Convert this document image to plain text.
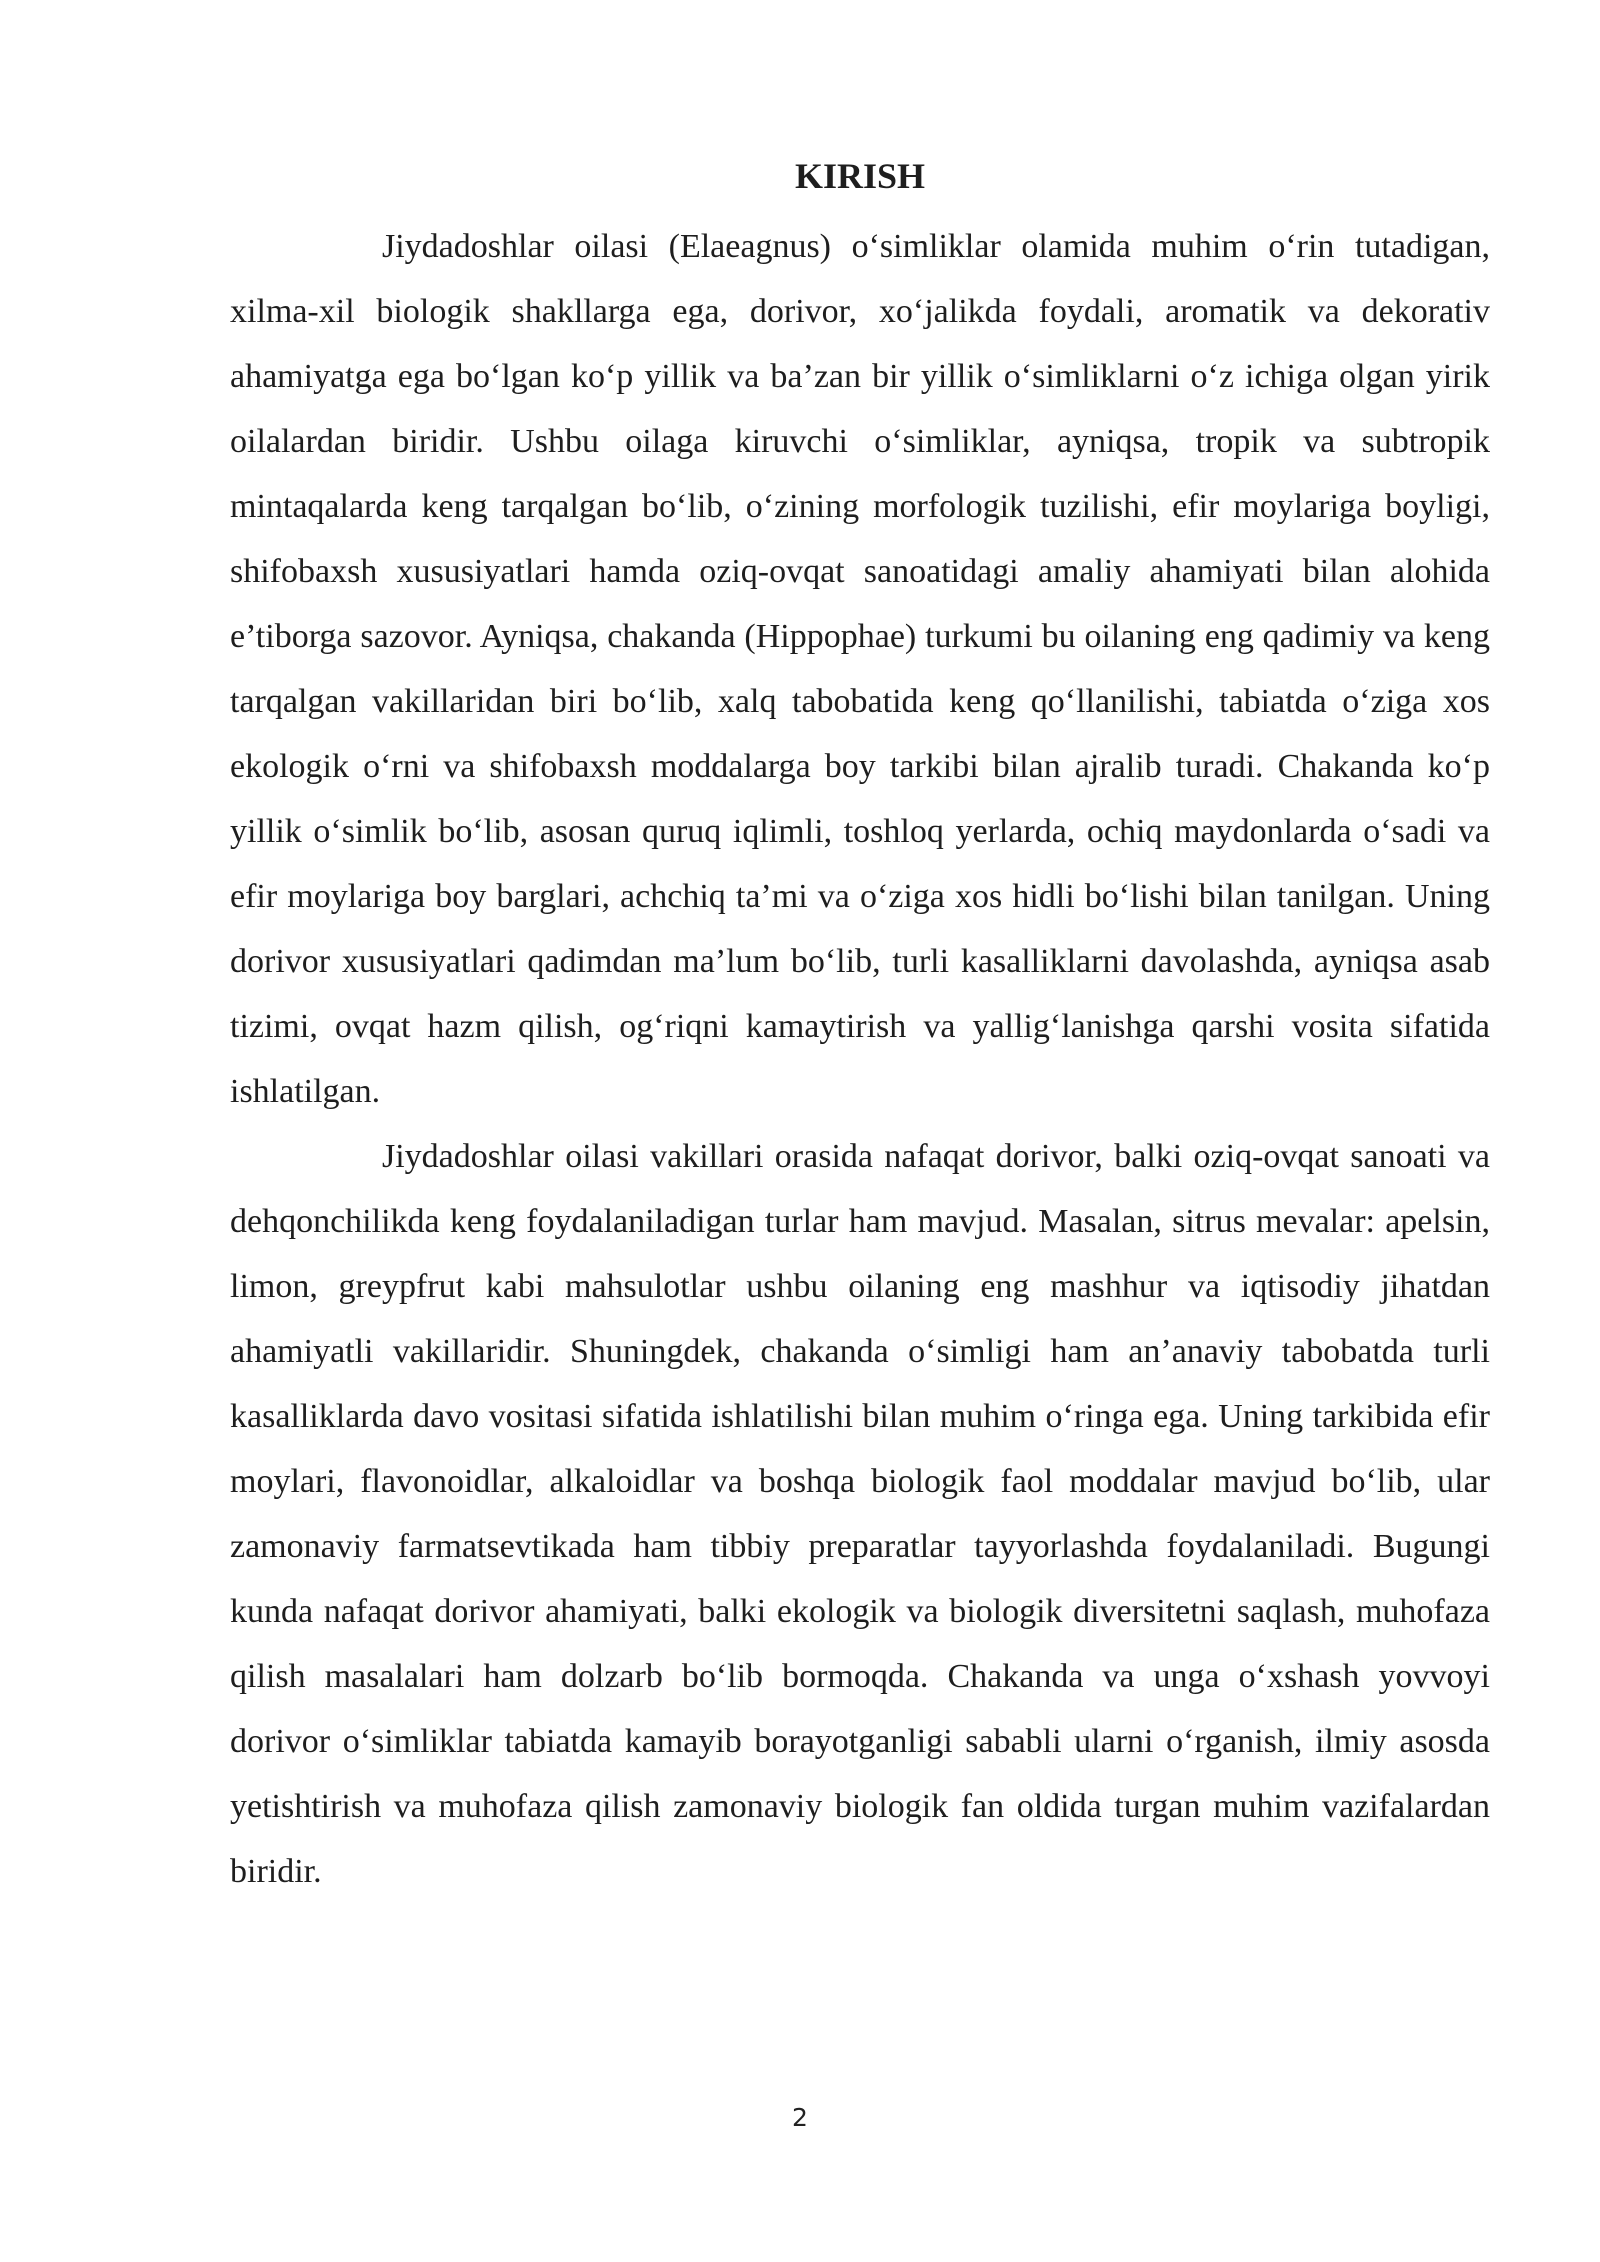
KIRISH

Jiydadoshlar oilasi (Elaeagnus) o‘simliklar olamida muhim o‘rin tutadigan, xilma-xil biologik shakllarga ega, dorivor, xo‘jalikda foydali, aromatik va dekorativ ahamiyatga ega bo‘lgan ko‘p yillik va ba’zan bir yillik o‘simliklarni o‘z ichiga olgan yirik oilalardan biridir. Ushbu oilaga kiruvchi o‘simliklar, ayniqsa, tropik va subtropik mintaqalarda keng tarqalgan bo‘lib, o‘zining morfologik tuzilishi, efir moylariga boyligi, shifobaxsh xususiyatlari hamda oziq-ovqat sanoatidagi amaliy ahamiyati bilan alohida e’tiborga sazovor. Ayniqsa, chakanda (Hippophae) turkumi bu oilaning eng qadimiy va keng tarqalgan vakillaridan biri bo‘lib, xalq tabobatida keng qo‘llanilishi, tabiatda o‘ziga xos ekologik o‘rni va shifobaxsh moddalarga boy tarkibi bilan ajralib turadi. Chakanda ko‘p yillik o‘simlik bo‘lib, asosan quruq iqlimli, toshloq yerlarda, ochiq maydonlarda o‘sadi va efir moylariga boy barglari, achchiq ta’mi va o‘ziga xos hidli bo‘lishi bilan tanilgan. Uning dorivor xususiyatlari qadimdan ma’lum bo‘lib, turli kasalliklarni davolashda, ayniqsa asab tizimi, ovqat hazm qilish, og‘riqni kamaytirish va yallig‘lanishga qarshi vosita sifatida ishlatilgan.

Jiydadoshlar oilasi vakillari orasida nafaqat dorivor, balki oziq-ovqat sanoati va dehqonchilikda keng foydalaniladigan turlar ham mavjud. Masalan, sitrus mevalar: apelsin, limon, greypfrut kabi mahsulotlar ushbu oilaning eng mashhur va iqtisodiy jihatdan ahamiyatli vakillaridir. Shuningdek, chakanda o‘simligi ham an’anaviy tabobatda turli kasalliklarda davo vositasi sifatida ishlatilishi bilan muhim o‘ringa ega. Uning tarkibida efir moylari, flavonoidlar, alkaloidlar va boshqa biologik faol moddalar mavjud bo‘lib, ular zamonaviy farmatsevtikada ham tibbiy preparatlar tayyorlashda foydalaniladi. Bugungi kunda nafaqat dorivor ahamiyati, balki ekologik va biologik diversitetni saqlash, muhofaza qilish masalalari ham dolzarb bo‘lib bormoqda. Chakanda va unga o‘xshash yovvoyi dorivor o‘simliklar tabiatda kamayib borayotganligi sababli ularni o‘rganish, ilmiy asosda yetishtirish va muhofaza qilish zamonaviy biologik fan oldida turgan muhim vazifalardan biridir.

2
